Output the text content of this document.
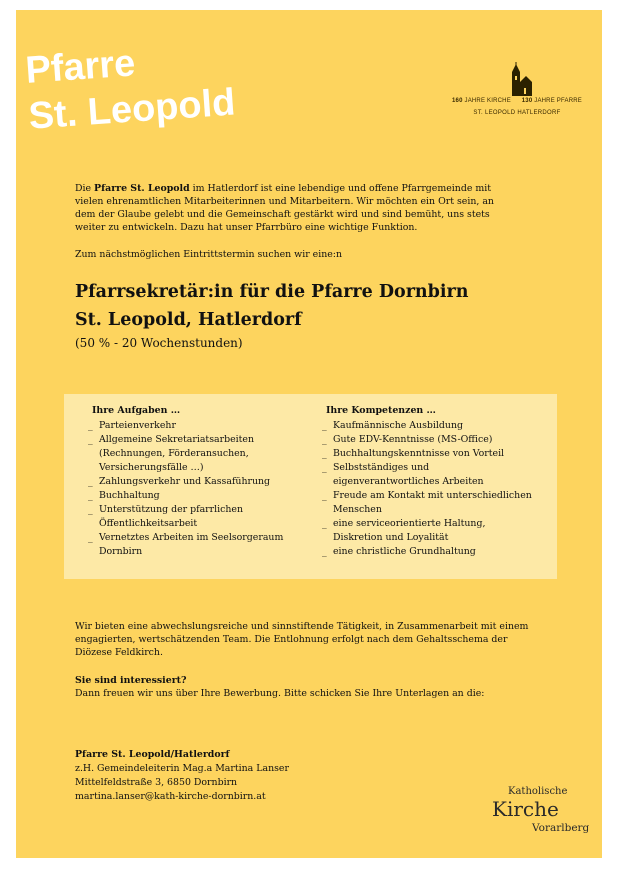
Pfarre
St. Leopold	160 JAHRE KIRCHE 130 JAHRE PFARRE
ST. LEOPOLD HATLERDORF

Die Pfarre St. Leopold im Hatlerdorf ist eine lebendige und offene Pfarrgemeinde mit vielen ehrenamtlichen Mitarbeiterinnen und Mitarbeitern. Wir möchten ein Ort sein, an dem der Glaube gelebt und die Gemeinschaft gestärkt wird und sind bemüht, uns stets weiter zu entwickeln. Dazu hat unser Pfarrbüro eine wichtige Funktion.

Zum nächstmöglichen Eintrittstermin suchen wir eine:n

Pfarrsekretär:in für die Pfarre Dornbirn
St. Leopold, Hatlerdorf

(50 % - 20 Wochenstunden)

Ihre Aufgaben …
_ Parteienverkehr
_ Allgemeine Sekretariatsarbeiten (Rechnungen, Förderansuchen, Versicherungsfälle …)
_ Zahlungsverkehr und Kassaführung
_ Buchhaltung
_ Unterstützung der pfarrlichen Öffentlichkeitsarbeit
_ Vernetztes Arbeiten im Seelsorgeraum Dornbirn
Ihre Kompetenzen …
_ Kaufmännische Ausbildung
_ Gute EDV-Kenntnisse (MS-Office)
_ Buchhaltungskenntnisse von Vorteil
_ Selbstständiges und eigenverantwortliches Arbeiten
_ Freude am Kontakt mit unterschiedlichen Menschen
_ eine serviceorientierte Haltung, Diskretion und Loyalität
_ eine christliche Grundhaltung

Wir bieten eine abwechslungsreiche und sinnstiftende Tätigkeit, in Zusammenarbeit mit einem engagierten, wertschätzenden Team. Die Entlohnung erfolgt nach dem Gehaltsschema der Diözese Feldkirch.

Sie sind interessiert?

Dann freuen wir uns über Ihre Bewerbung. Bitte schicken Sie Ihre Unterlagen an die:

Pfarre St. Leopold/Hatlerdorf

z.H. Gemeindeleiterin Mag.a Martina Lanser

Mittelfeldstraße 3, 6850 Dornbirn

martina.lanser@kath-kirche-dornbirn.at	Katholische
Kirche
Vorarlberg
